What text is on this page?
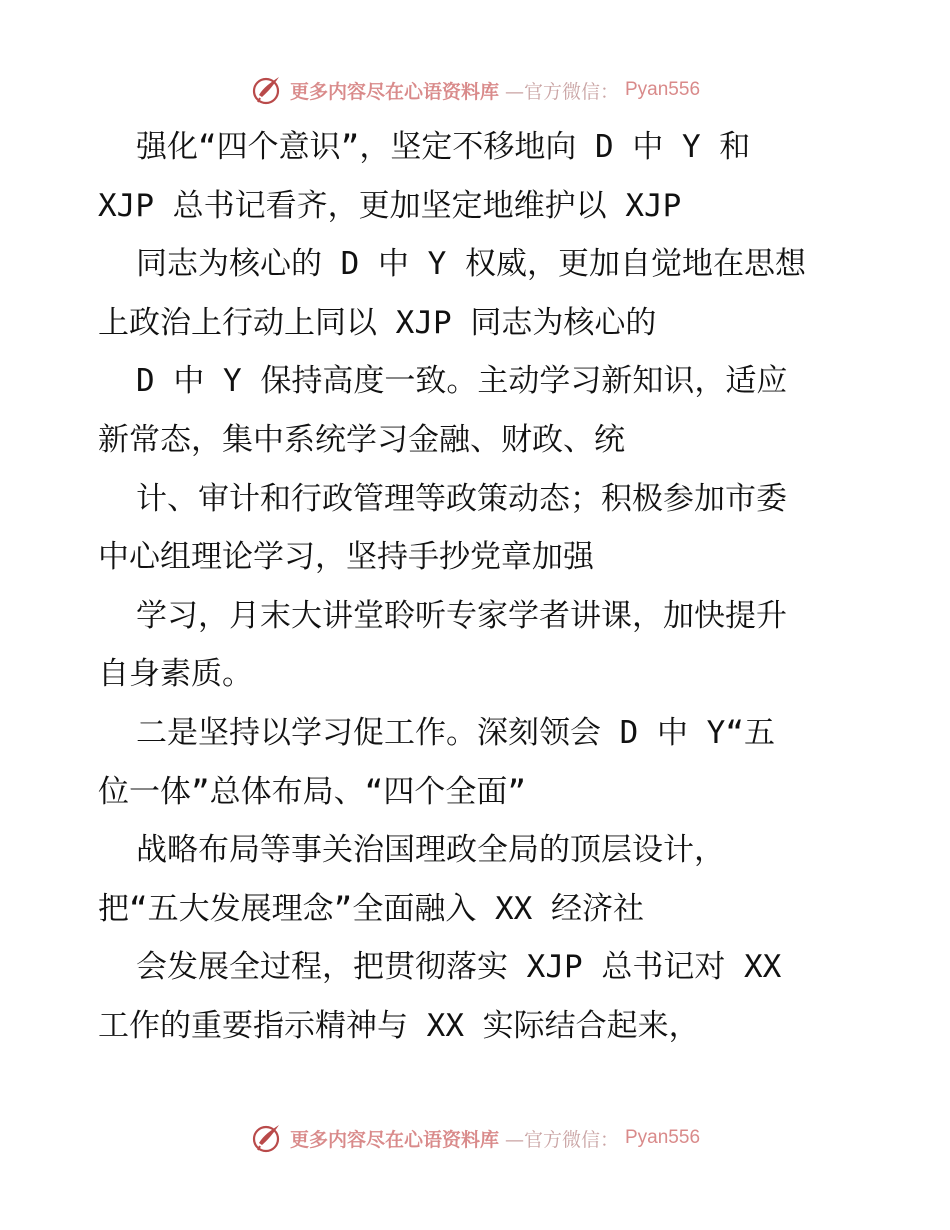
更多内容尽在心语资料库 —官方微信： Pyan556
强化“四个意识”，坚定不移地向 D 中 Y 和
XJP 总书记看齐，更加坚定地维护以 XJP
同志为核心的 D 中 Y 权威，更加自觉地在思想
上政治上行动上同以 XJP 同志为核心的
D 中 Y 保持高度一致。主动学习新知识，适应
新常态，集中系统学习金融、财政、统
计、审计和行政管理等政策动态；积极参加市委
中心组理论学习，坚持手抄党章加强
学习，月末大讲堂聆听专家学者讲课，加快提升
自身素质。
二是坚持以学习促工作。深刻领会 D 中 Y“五
位一体”总体布局、“四个全面”
战略布局等事关治国理政全局的顶层设计，
把“五大发展理念”全面融入 XX 经济社
会发展全过程，把贯彻落实 XJP 总书记对 XX
工作的重要指示精神与 XX 实际结合起来，
更多内容尽在心语资料库 —官方微信： Pyan556
